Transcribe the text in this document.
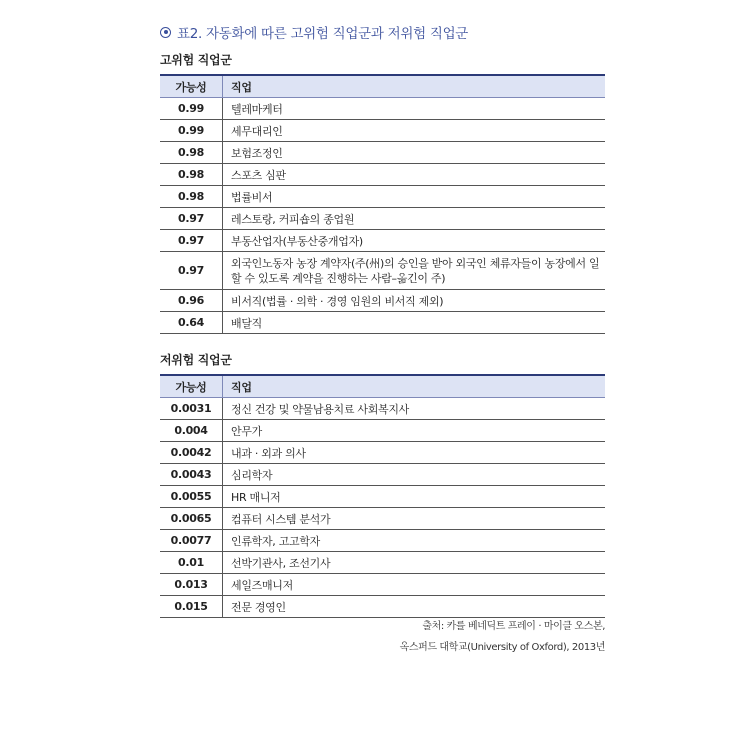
표2. 자동화에 따른 고위험 직업군과 저위험 직업군
고위험 직업군
가능성	직업
0.99	텔레마케터
0.99	세무대리인
0.98	보험조정인
0.98	스포츠 심판
0.98	법률비서
0.97	레스토랑, 커피숍의 종업원
0.97	부동산업자(부동산중개업자)
0.97	외국인노동자 농장 계약자(주(州)의 승인을 받아 외국인 체류자들이 농장에서 일할 수 있도록 계약을 진행하는 사람–옮긴이 주)
0.96	비서직(법률 · 의학 · 경영 임원의 비서직 제외)
0.64	배달직
저위험 직업군
가능성	직업
0.0031	정신 건강 및 약물남용치료 사회복지사
0.004	안무가
0.0042	내과 · 외과 의사
0.0043	심리학자
0.0055	HR 매니저
0.0065	컴퓨터 시스템 분석가
0.0077	인류학자, 고고학자
0.01	선박기관사, 조선기사
0.013	세일즈매니저
0.015	전문 경영인
출처: 카를 베네딕트 프레이 · 마이클 오스본,
옥스퍼드 대학교(University of Oxford), 2013년
